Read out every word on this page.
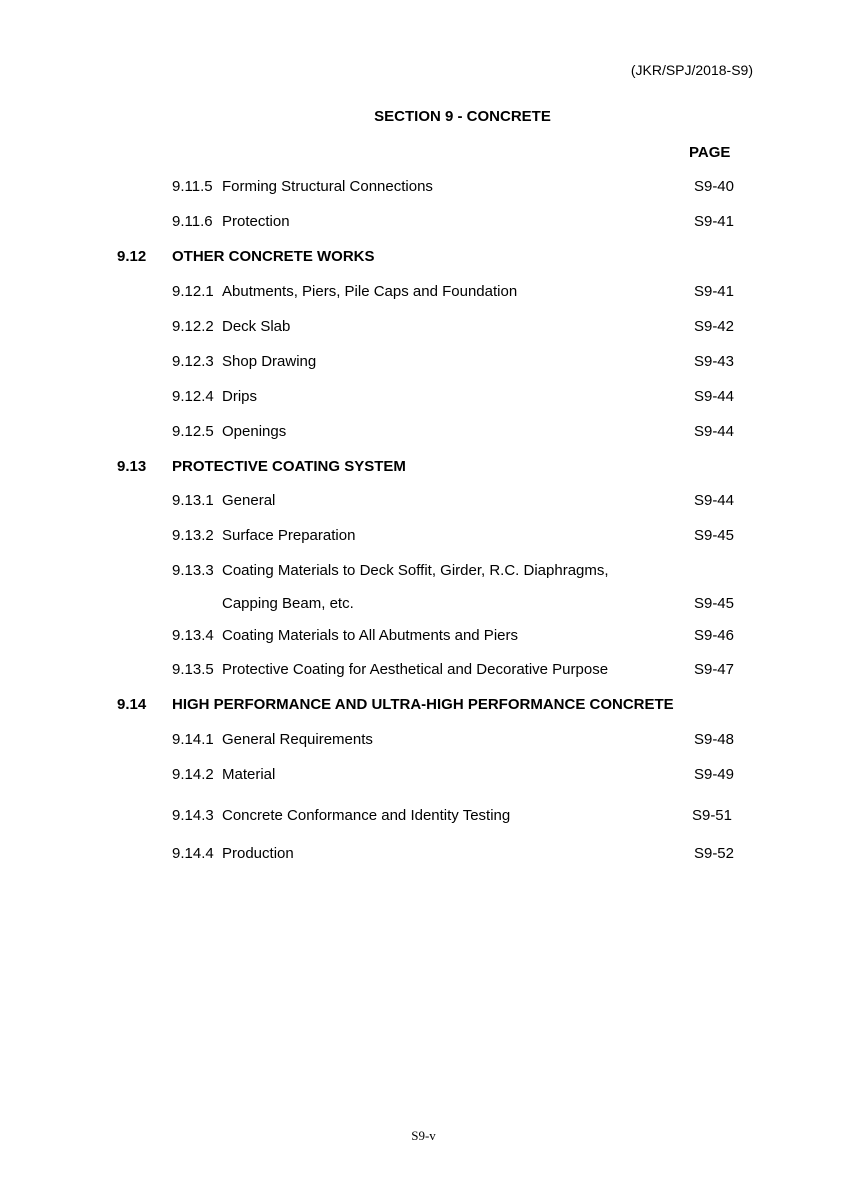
(JKR/SPJ/2018-S9)
SECTION 9 - CONCRETE
PAGE
9.11.5 Forming Structural Connections	S9-40
9.11.6 Protection	S9-41
9.12 OTHER CONCRETE WORKS
9.12.1 Abutments, Piers, Pile Caps and Foundation	S9-41
9.12.2 Deck Slab	S9-42
9.12.3 Shop Drawing	S9-43
9.12.4 Drips	S9-44
9.12.5 Openings	S9-44
9.13 PROTECTIVE COATING SYSTEM
9.13.1 General	S9-44
9.13.2 Surface Preparation	S9-45
9.13.3 Coating Materials to Deck Soffit, Girder, R.C. Diaphragms,
Capping Beam, etc.	S9-45
9.13.4 Coating Materials to All Abutments and Piers	S9-46
9.13.5 Protective Coating for Aesthetical and Decorative Purpose	S9-47
9.14 HIGH PERFORMANCE AND ULTRA-HIGH PERFORMANCE CONCRETE
9.14.1 General Requirements	S9-48
9.14.2 Material	S9-49
9.14.3 Concrete Conformance and Identity Testing	S9-51
9.14.4 Production	S9-52
S9-v
